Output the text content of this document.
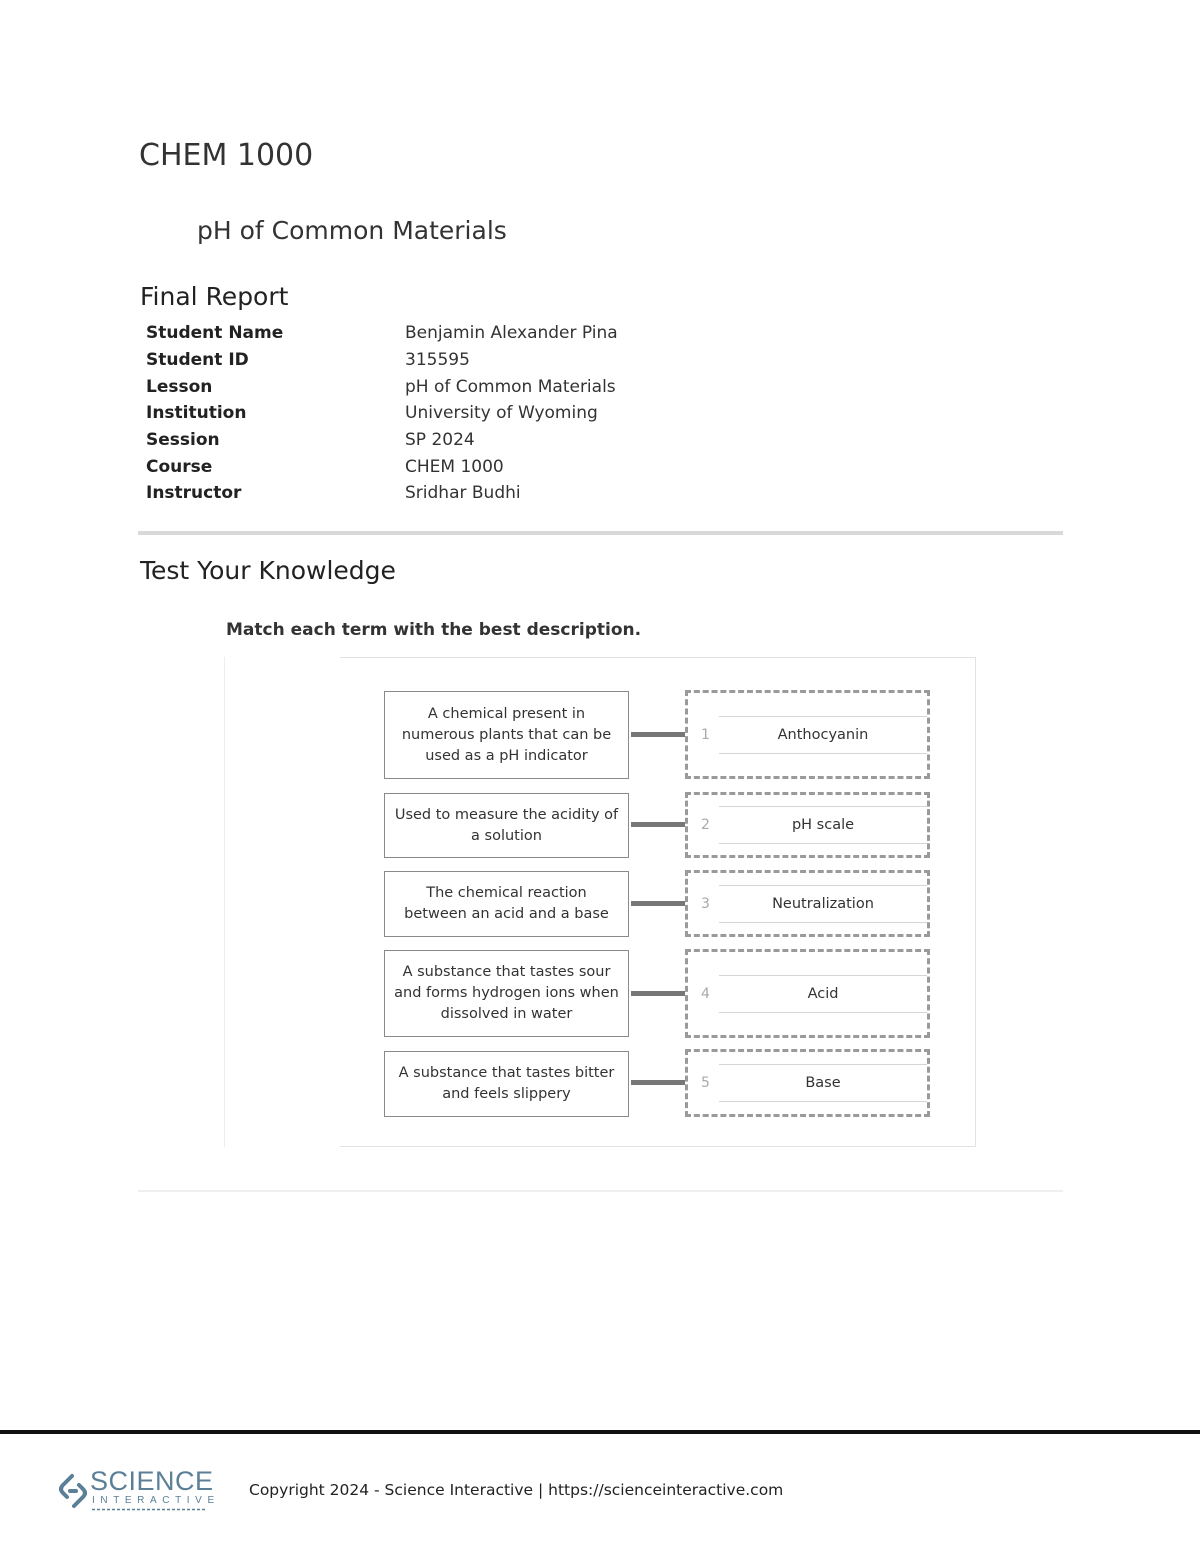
CHEM 1000
pH of Common Materials
Final Report
Student Name	Benjamin Alexander Pina
Student ID	315595
Lesson	pH of Common Materials
Institution	University of Wyoming
Session	SP 2024
Course	CHEM 1000
Instructor	Sridhar Budhi
Test Your Knowledge

Match each term with the best description.

A chemical present in numerous plants that can be used as a pH indicator
1	Anthocyanin
Used to measure the acidity of a solution
2	pH scale
The chemical reaction between an acid and a base
3	Neutralization
A substance that tastes sour and forms hydrogen ions when dissolved in water
4	Acid
A substance that tastes bitter and feels slippery
5	Base
SCIENCE
INTERACTIVE
Copyright 2024 - Science Interactive | https://scienceinteractive.com
